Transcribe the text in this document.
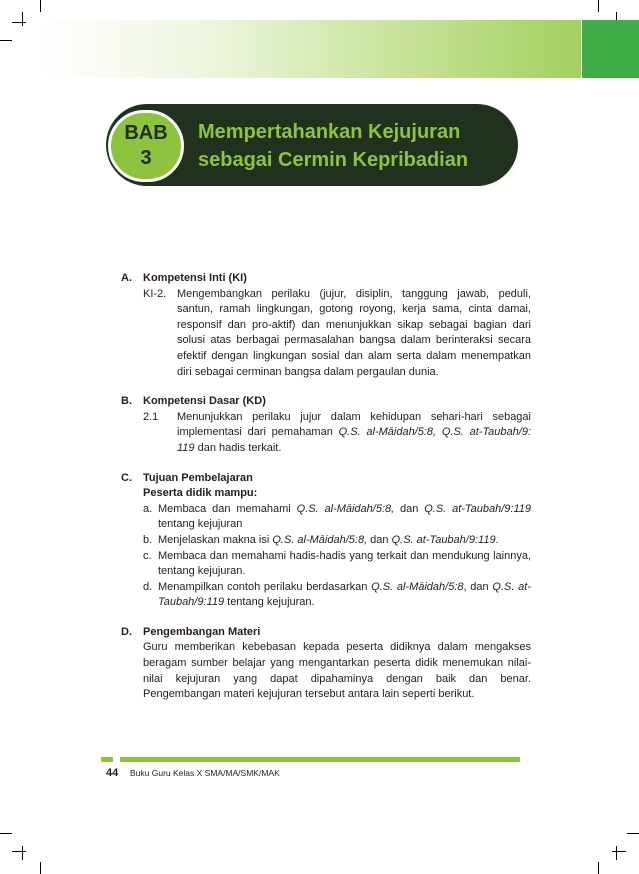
BAB
3
Mempertahankan Kejujuran
sebagai Cermin Kepribadian
A.	Kompetensi Inti (KI)
KI-2. Mengembangkan perilaku (jujur, disiplin, tanggung jawab, peduli, santun, ramah lingkungan, gotong royong, kerja sama, cinta damai, responsif dan pro-aktif) dan menunjukkan sikap sebagai bagian dari solusi atas berbagai permasalahan bangsa dalam berinteraksi secara efektif dengan lingkungan sosial dan alam serta dalam menempatkan diri sebagai cerminan bangsa dalam pergaulan dunia.
B.	Kompetensi Dasar (KD)
2.1	Menunjukkan perilaku jujur dalam kehidupan sehari-hari sebagai implementasi dari pemahaman Q.S. al-Māidah/5:8, Q.S. at-Taubah/9: 119 dan hadis terkait.
C.	Tujuan Pembelajaran
Peserta didik mampu:
a. Membaca dan memahami Q.S. al-Māidah/5:8, dan Q.S. at-Taubah/9:119 tentang kejujuran
b. Menjelaskan makna isi Q.S. al-Māidah/5:8, dan Q.S. at-Taubah/9:119.
c. Membaca dan memahami hadis-hadis yang terkait dan mendukung lainnya, tentang kejujuran.
d. Menampilkan contoh perilaku berdasarkan Q.S. al-Māidah/5:8, dan Q.S. at-Taubah/9:119 tentang kejujuran.
D.	Pengembangan Materi
Guru memberikan kebebasan kepada peserta didiknya dalam mengakses beragam sumber belajar yang mengantarkan peserta didik menemukan nilai-nilai kejujuran yang dapat dipahaminya dengan baik dan benar. Pengembangan materi kejujuran tersebut antara lain seperti berikut.
44 Buku Guru Kelas X SMA/MA/SMK/MAK
